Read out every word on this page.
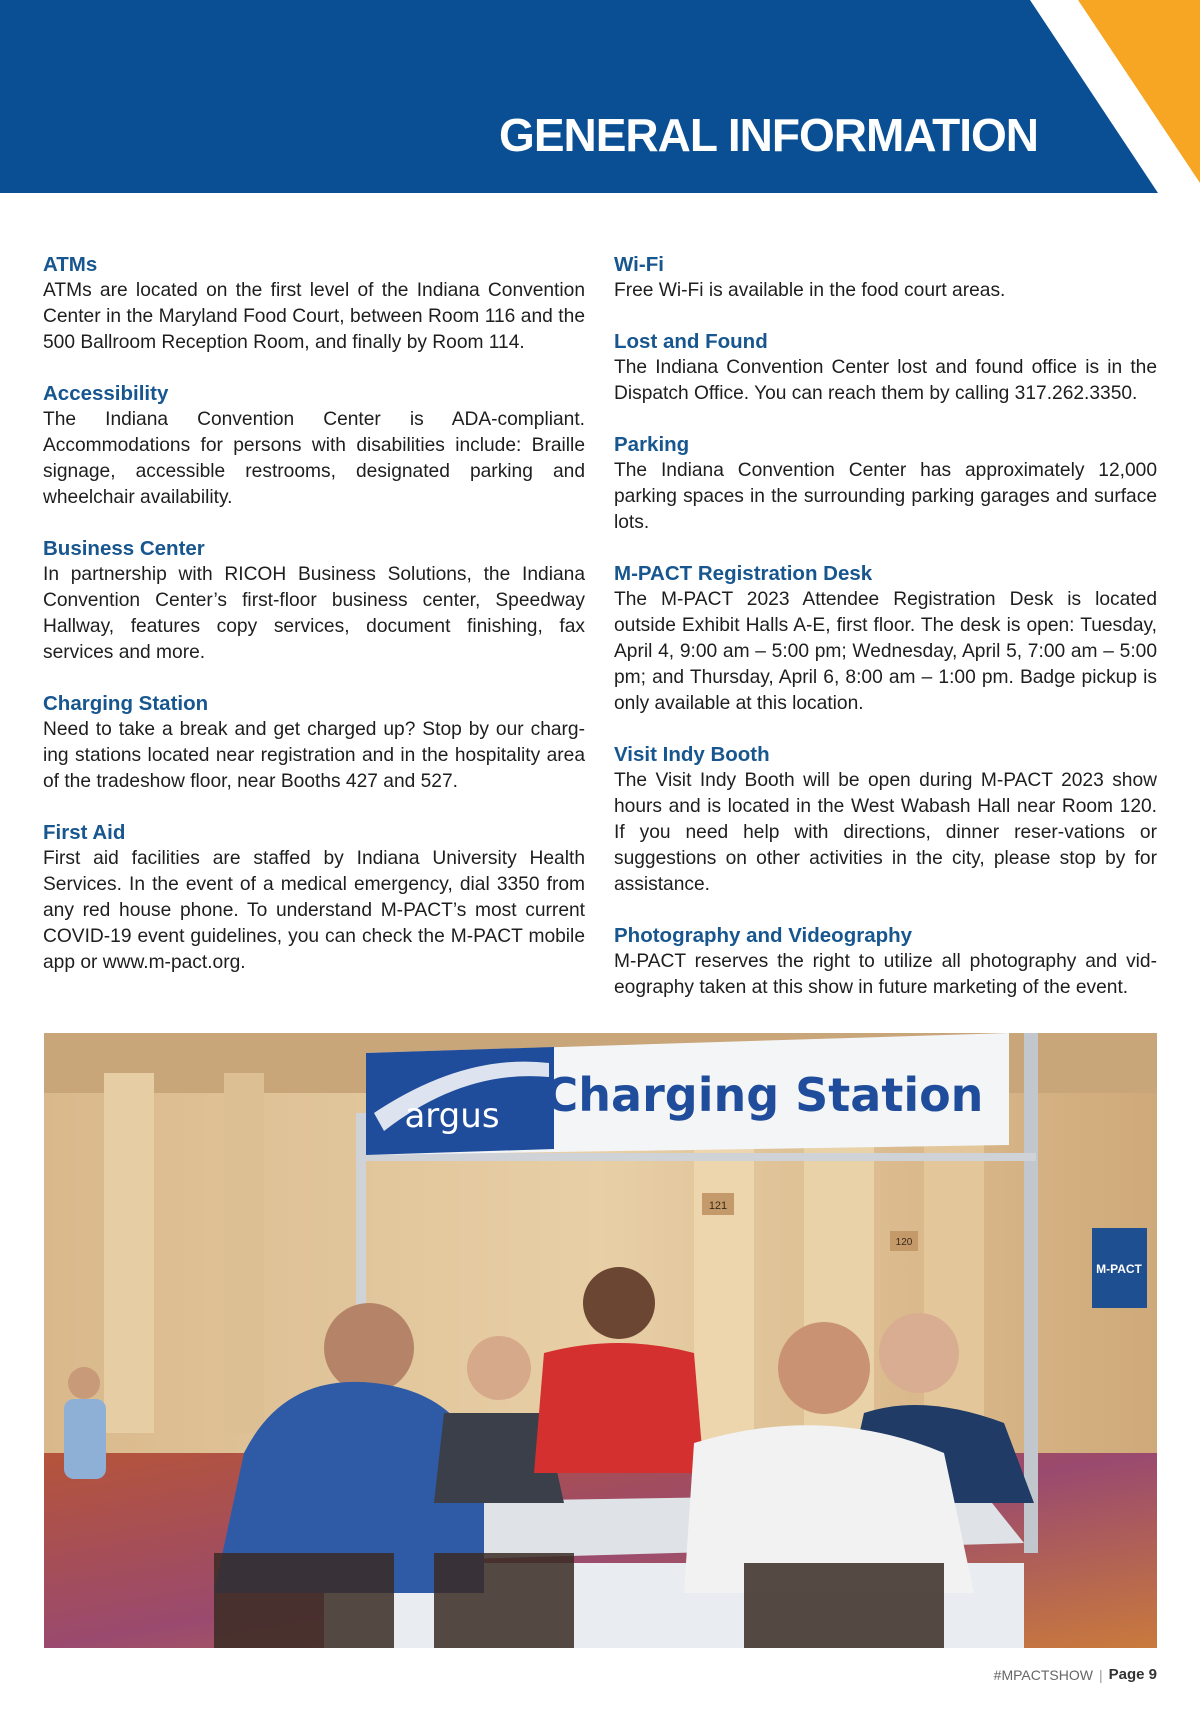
GENERAL INFORMATION
ATMs

ATMs are located on the first level of the Indiana Convention Center in the Maryland Food Court, between Room 116 and the 500 Ballroom Reception Room, and finally by Room 114.

Accessibility

The Indiana Convention Center is ADA-compliant. Accommodations for persons with disabilities include: Braille signage, accessible restrooms, designated parking and wheelchair availability.

Business Center

In partnership with RICOH Business Solutions, the Indiana Convention Center’s first-floor business center, Speedway Hallway, features copy services, document finishing, fax services and more.

Charging Station

Need to take a break and get charged up? Stop by our charg-ing stations located near registration and in the hospitality area of the tradeshow floor, near Booths 427 and 527.

First Aid

First aid facilities are staffed by Indiana University Health Services. In the event of a medical emergency, dial 3350 from any red house phone. To understand M-PACT’s most current COVID-19 event guidelines, you can check the M-PACT mobile app or www.m-pact.org.

Wi-Fi

Free Wi-Fi is available in the food court areas.

Lost and Found

The Indiana Convention Center lost and found office is in the Dispatch Office. You can reach them by calling 317.262.3350.

Parking

The Indiana Convention Center has approximately 12,000 parking spaces in the surrounding parking garages and surface lots.

M-PACT Registration Desk

The M-PACT 2023 Attendee Registration Desk is located outside Exhibit Halls A-E, first floor. The desk is open: Tuesday, April 4, 9:00 am – 5:00 pm; Wednesday, April 5, 7:00 am – 5:00 pm; and Thursday, April 6, 8:00 am – 1:00 pm. Badge pickup is only available at this location.

Visit Indy Booth

The Visit Indy Booth will be open during M-PACT 2023 show hours and is located in the West Wabash Hall near Room 120. If you need help with directions, dinner reser-vations or suggestions on other activities in the city, please stop by for assistance.

Photography and Videography

M-PACT reserves the right to utilize all photography and vid-eography taken at this show in future marketing of the event.

121
120
M-PACT
argus Charging Station
#MPACTSHOW | Page 9
